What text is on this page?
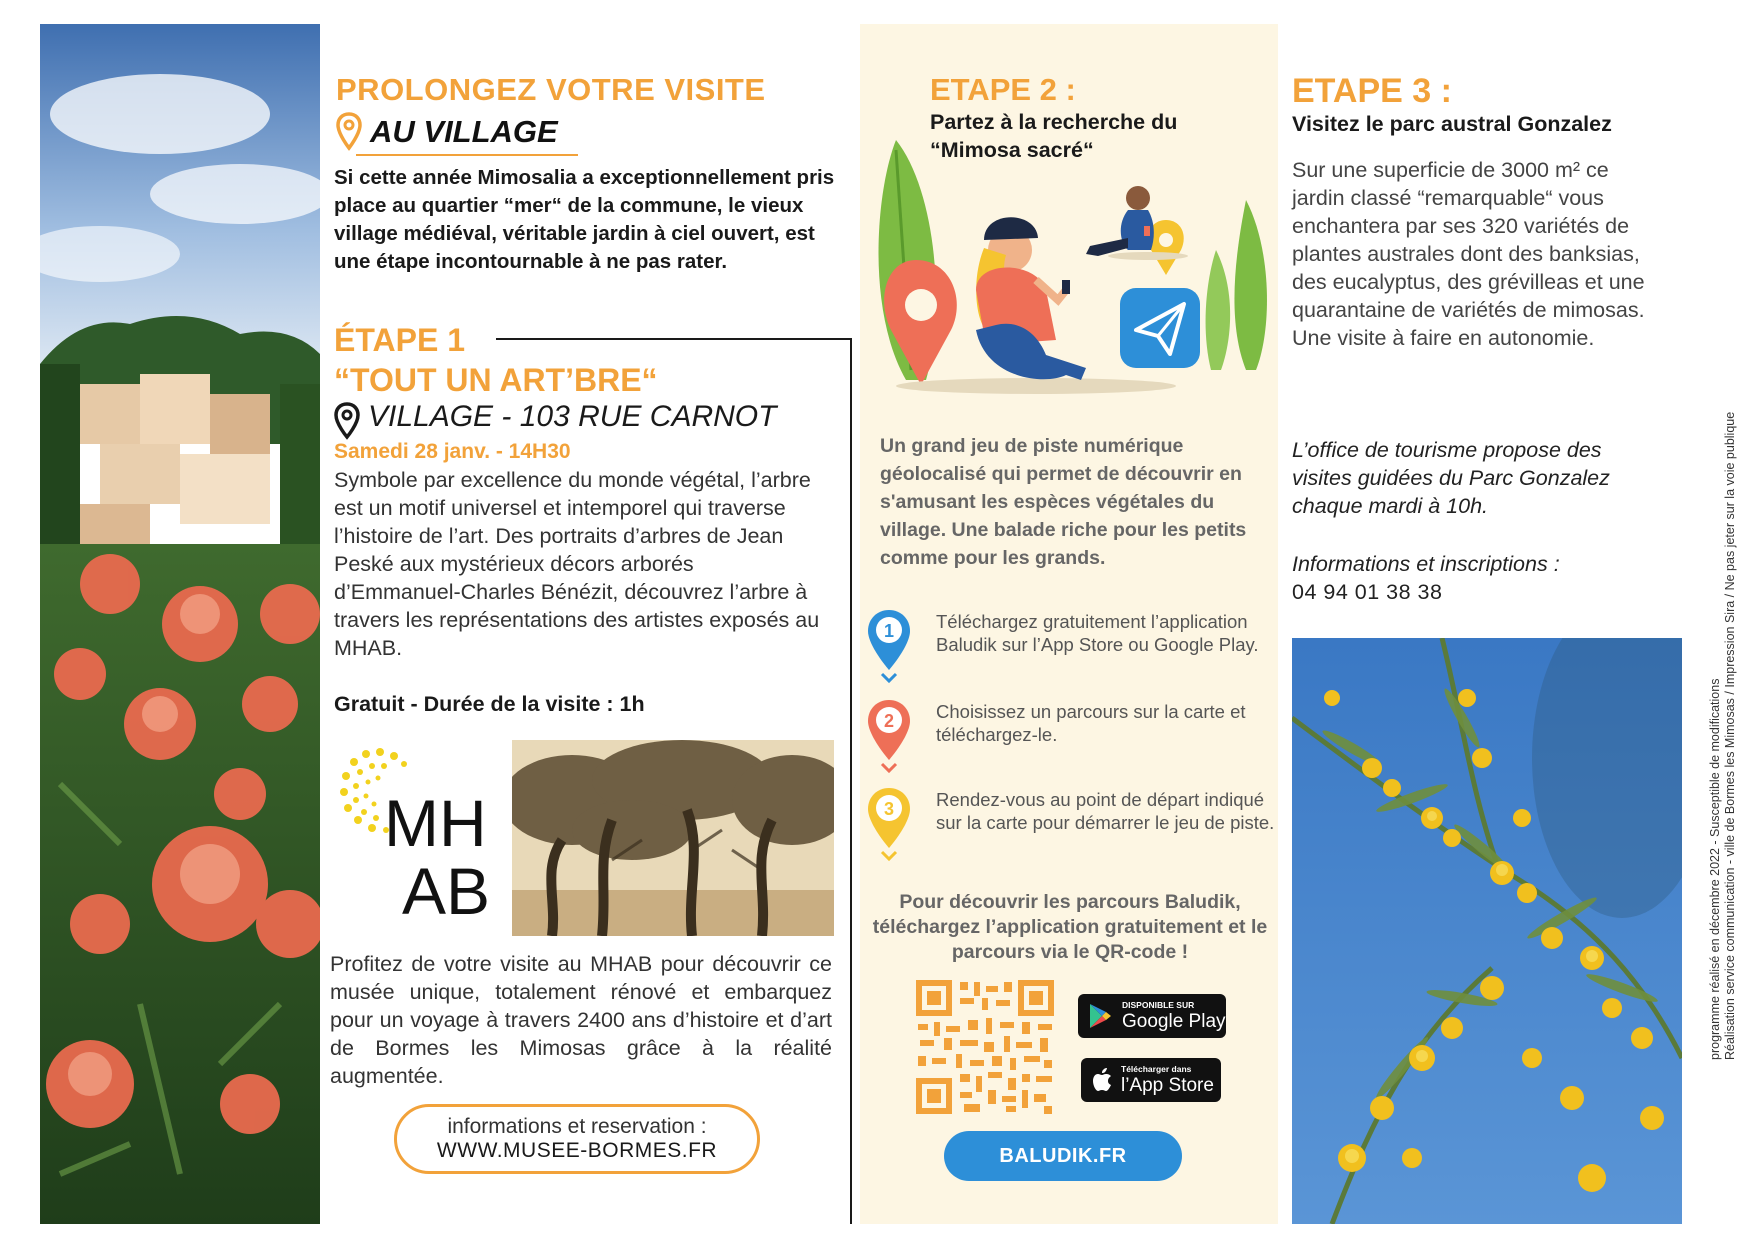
PROLONGEZ VOTRE VISITE
AU VILLAGE
Si cette année Mimosalia a exceptionnellement pris place au quartier “mer“ de la commune, le vieux village médiéval, véritable jardin à ciel ouvert, est une étape incontournable à ne pas rater.
ÉTAPE 1
“TOUT UN ART’BRE“
VILLAGE - 103 RUE CARNOT
Samedi 28 janv. - 14H30
Symbole par excellence du monde végétal, l’arbre est un motif universel et intemporel qui traverse l’histoire de l’art. Des portraits d’arbres de Jean Peské aux mystérieux décors arborés d’Emmanuel-Charles Bénézit, découvrez l’arbre à travers les représentations des artistes exposés au MHAB.
Gratuit - Durée de la visite : 1h
MH
AB
Profitez de votre visite au MHAB pour découvrir ce musée unique, totalement rénové et embarquez pour un voyage à travers 2400 ans d’histoire et d’art de Bormes les Mimosas grâce à la réalité augmentée.
informations et reservation :
WWW.MUSEE-BORMES.FR
ETAPE 2 :
Partez à la recherche du “Mimosa sacré“
Un grand jeu de piste numérique géolocalisé qui permet de découvrir en s'amusant les espèces végétales du village. Une balade riche pour les petits comme pour les grands.
1 Téléchargez gratuitement l’application Baludik sur l’App Store ou Google Play.
2 Choisissez un parcours sur la carte et téléchargez-le.
3 Rendez-vous au point de départ indiqué sur la carte pour démarrer le jeu de piste.
Pour découvrir les parcours Baludik, téléchargez l’application gratuitement et le parcours via le QR-code !
DISPONIBLE SUR
Google Play
Télécharger dans
l’App Store
BALUDIK.FR
ETAPE 3 :
Visitez le parc austral Gonzalez
Sur une superficie de 3000 m² ce jardin classé “remarquable“ vous enchantera par ses 320 variétés de plantes australes dont des banksias, des eucalyptus, des grévilleas et une quarantaine de variétés de mimosas. Une visite à faire en autonomie.
L’office de tourisme propose des visites guidées du Parc Gonzalez chaque mardi à 10h.
Informations et inscriptions :
04 94 01 38 38
programme réalisé en décembre 2022 - Susceptible de modifications Réalisation service communication - ville de Bormes les Mimosas / Impression Sira / Ne pas jeter sur la voie publique
